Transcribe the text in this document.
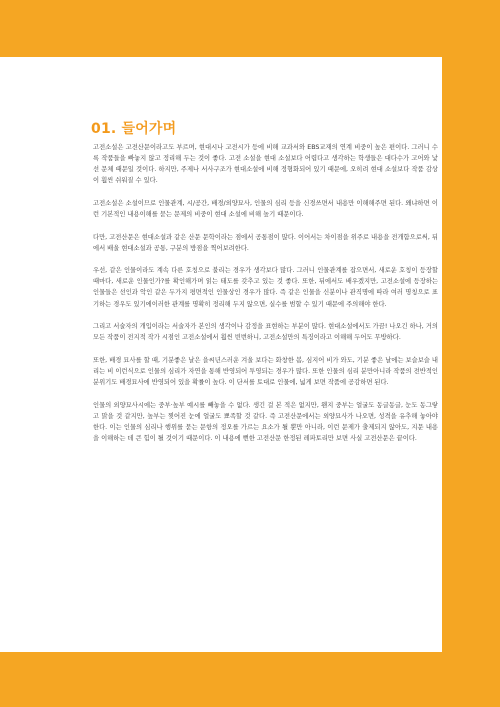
01. 들어가며

고전소설은 고전산문이라고도 부르며, 현대시나 고전시가 등에 비해 교과서와 EBS교재의 연계 비중이 높은 편이다. 그러니 수록 작품들을 빠놓지 않고 정리해 두는 것이 좋다. 고전 소설을 현대 소설보다 어렵다고 생각하는 학생들은 대다수가 고어와 낯선 문체 때문일 것이다. 하지만, 주제나 서사구조가 현대소설에 비해 정형화되어 있기 때문에, 오히려 현대 소설보다 작품 감상이 훨씬 쉬워질 수 있다.

고전소설은 소설이므로 인물관계, 시/공간, 배경/외양묘사, 인물의 심리 등을 신경쓰면서 내용만 이해해주면 된다. 왜냐하면 이런 기본적인 내용이해를 묻는 문제의 비중이 현대 소설에 비해 높기 때문이다.

다만, 고전산문은 현대소설과 같은 산문 문학이라는 점에서 공통점이 많다. 이어서는 차이점을 위주로 내용을 전개함으로써, 뒤에서 배울 현대소설과 공통, 구분의 방점을 찍어보려한다.

우선, 같은 인물이라도 계속 다른 호칭으로 불리는 경우가 생각보다 많다. 그러니 인물관계를 잡으면서, 새로운 호칭이 등장할 때마다, 새로운 인물인가?를 확인해가며 읽는 태도를 갖추고 있는 것 좋다. 또한, 뒤에서도 배우겠지만, 고전소설에 등장하는 인물들은 선인과 악인 같은 두가지 평면적인 인물상인 경우가 많다. 즉 같은 인물을 신분이나 관직명에 따라 여러 명칭으로 표기하는 경우도 있기에이러한 관계를 명확히 정리해 두지 않으면, 실수를 범할 수 있기 때문에 주의해야 한다.

그리고 서술자의 개입이라는 서술자가 본인의 생각이나 감정을 표현하는 부분이 많다. 현대소설에서도 가끔! 나오긴 하나, 거의 모든 작품이 전지적 작가 시점인 고전소설에서 훨씬 빈번하니, 고전소설만의 특징이라고 이해해 두어도 무방하다.

또한, 배경 묘사를 할 때, 기분좋은 날은 을씨년스러운 겨울 보다는 화창한 봄, 심지어 비가 와도, 기분 좋은 날에는 보슬보슬 내리는 비 이런식으로 인물의 심리가 자연을 통해 반영되어 투영되는 경우가 많다. 또한 인물의 심리 분만아니라 작품의 전반적인 분위기도 배경묘사에 반영되어 있을 확률이 높다. 이 단서를 토대로 인물에, 넓게 보면 작품에 공감하면 된다.

인물의 외양묘사시에는 중부·높부 예시를 빼놓을 수 없다. 생긴 걸 본 적은 없지만, 왠지 중부는 얼굴도 동글동글, 눈도 동그랗고 맑을 것 같지만, 높부는 찢어진 눈에 얼굴도 뾰족할 것 같다. 즉 고전산문에서는 외양묘사가 나오면, 성격을 유추해 놓아야 한다. 이는 인물의 심리나 행위를 묻는 문항의 정오를 가르는 요소가 될 뿐만 아니라, 이런 문제가 출제되지 않아도, 지문 내용을 이해하는 데 큰 힘이 될 것이기 때문이다. 이 내용에 뻔한 고전산문 한정된 레파토리만 보면 사실 고전산문은 끝이다.
